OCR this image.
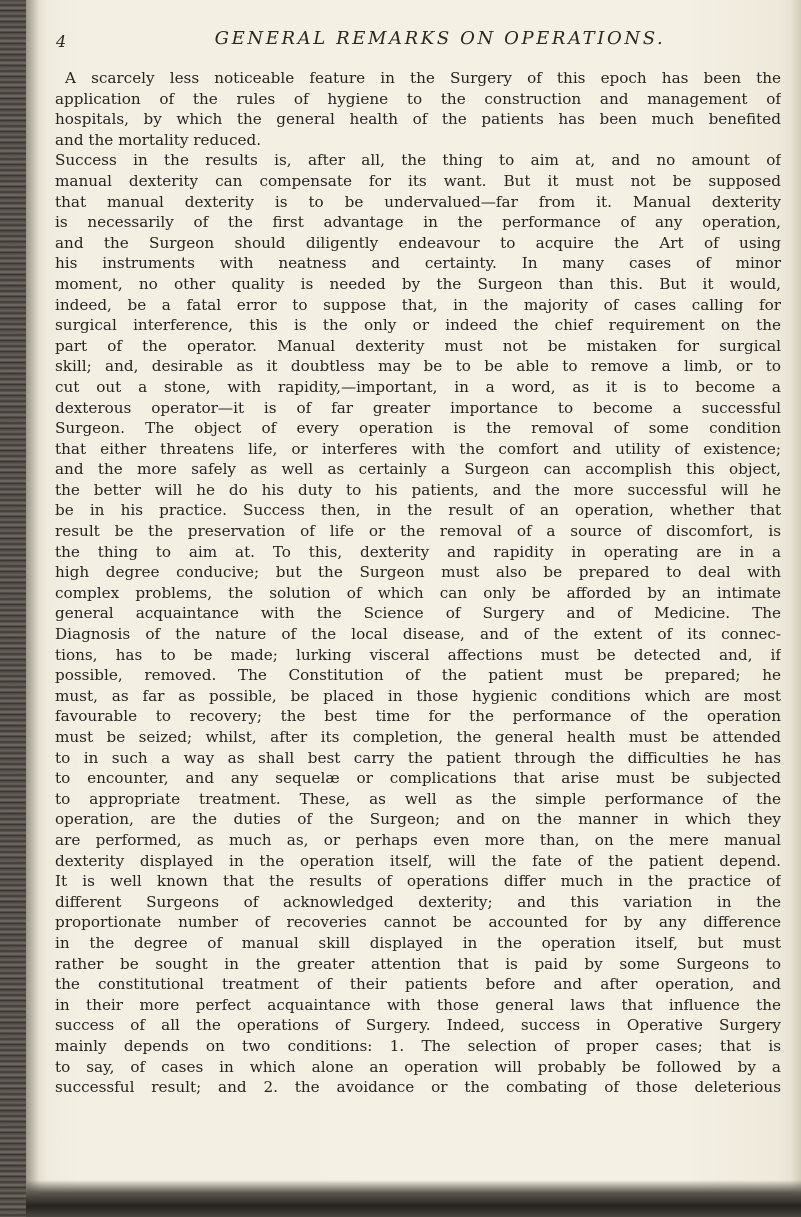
4	GENERAL REMARKS ON OPERATIONS.
A scarcely less noticeable feature in the Surgery of this epoch has been the
application of the rules of hygiene to the construction and management of
hospitals, by which the general health of the patients has been much benefited
and the mortality reduced.
Success in the results is, after all, the thing to aim at, and no amount of
manual dexterity can compensate for its want. But it must not be supposed
that manual dexterity is to be undervalued—far from it. Manual dexterity
is necessarily of the first advantage in the performance of any operation,
and the Surgeon should diligently endeavour to acquire the Art of using
his instruments with neatness and certainty. In many cases of minor
moment, no other quality is needed by the Surgeon than this. But it would,
indeed, be a fatal error to suppose that, in the majority of cases calling for
surgical interference, this is the only or indeed the chief requirement on the
part of the operator. Manual dexterity must not be mistaken for surgical
skill; and, desirable as it doubtless may be to be able to remove a limb, or to
cut out a stone, with rapidity,—important, in a word, as it is to become a
dexterous operator—it is of far greater importance to become a successful
Surgeon. The object of every operation is the removal of some condition
that either threatens life, or interferes with the comfort and utility of existence;
and the more safely as well as certainly a Surgeon can accomplish this object,
the better will he do his duty to his patients, and the more successful will he
be in his practice. Success then, in the result of an operation, whether that
result be the preservation of life or the removal of a source of discomfort, is
the thing to aim at. To this, dexterity and rapidity in operating are in a
high degree conducive; but the Surgeon must also be prepared to deal with
complex problems, the solution of which can only be afforded by an intimate
general acquaintance with the Science of Surgery and of Medicine. The
Diagnosis of the nature of the local disease, and of the extent of its connec-
tions, has to be made; lurking visceral affections must be detected and, if
possible, removed. The Constitution of the patient must be prepared; he
must, as far as possible, be placed in those hygienic conditions which are most
favourable to recovery; the best time for the performance of the operation
must be seized; whilst, after its completion, the general health must be attended
to in such a way as shall best carry the patient through the difficulties he has
to encounter, and any sequelæ or complications that arise must be subjected
to appropriate treatment. These, as well as the simple performance of the
operation, are the duties of the Surgeon; and on the manner in which they
are performed, as much as, or perhaps even more than, on the mere manual
dexterity displayed in the operation itself, will the fate of the patient depend.
It is well known that the results of operations differ much in the practice of
different Surgeons of acknowledged dexterity; and this variation in the
proportionate number of recoveries cannot be accounted for by any difference
in the degree of manual skill displayed in the operation itself, but must
rather be sought in the greater attention that is paid by some Surgeons to
the constitutional treatment of their patients before and after operation, and
in their more perfect acquaintance with those general laws that influence the
success of all the operations of Surgery. Indeed, success in Operative Surgery
mainly depends on two conditions: 1. The selection of proper cases; that is
to say, of cases in which alone an operation will probably be followed by a
successful result; and 2. the avoidance or the combating of those deleterious
